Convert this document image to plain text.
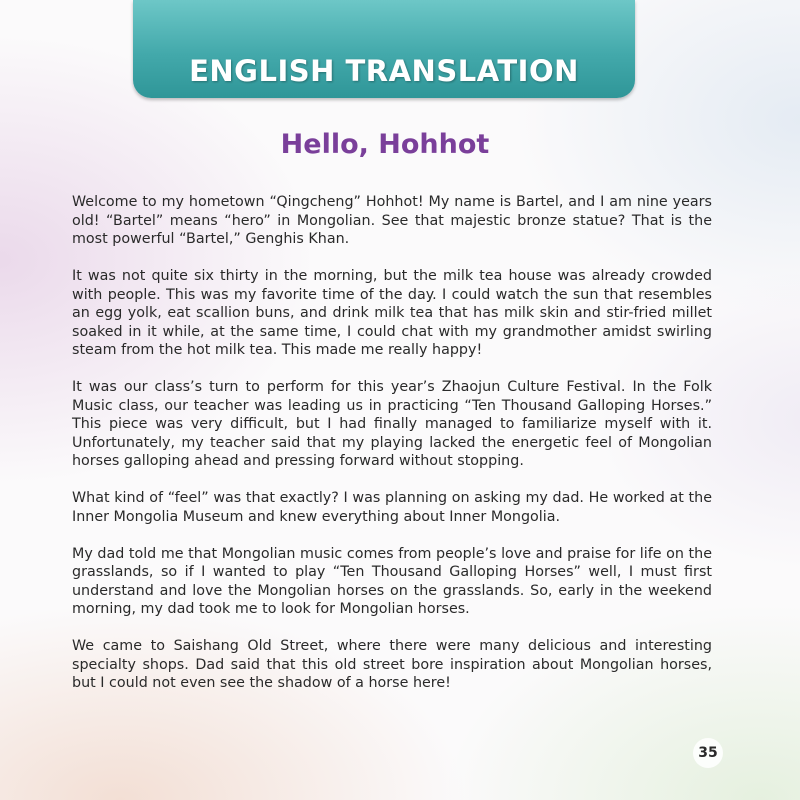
ENGLISH TRANSLATION
Hello, Hohhot

Welcome to my hometown “Qingcheng” Hohhot! My name is Bartel, and I am nine years old! “Bartel” means “hero” in Mongolian. See that majestic bronze statue? That is the most powerful “Bartel,” Genghis Khan.

It was not quite six thirty in the morning, but the milk tea house was already crowded with people. This was my favorite time of the day. I could watch the sun that resembles an egg yolk, eat scallion buns, and drink milk tea that has milk skin and stir-fried millet soaked in it while, at the same time, I could chat with my grandmother amidst swirling steam from the hot milk tea. This made me really happy!

It was our class’s turn to perform for this year’s Zhaojun Culture Festival. In the Folk Music class, our teacher was leading us in practicing “Ten Thousand Galloping Horses.” This piece was very difficult, but I had finally managed to familiarize myself with it. Unfortunately, my teacher said that my playing lacked the energetic feel of Mongolian horses galloping ahead and pressing forward without stopping.

What kind of “feel” was that exactly? I was planning on asking my dad. He worked at the Inner Mongolia Museum and knew everything about Inner Mongolia.

My dad told me that Mongolian music comes from people’s love and praise for life on the grasslands, so if I wanted to play “Ten Thousand Galloping Horses” well, I must first understand and love the Mongolian horses on the grasslands. So, early in the weekend morning, my dad took me to look for Mongolian horses.

We came to Saishang Old Street, where there were many delicious and interesting specialty shops. Dad said that this old street bore inspiration about Mongolian horses, but I could not even see the shadow of a horse here!

35
